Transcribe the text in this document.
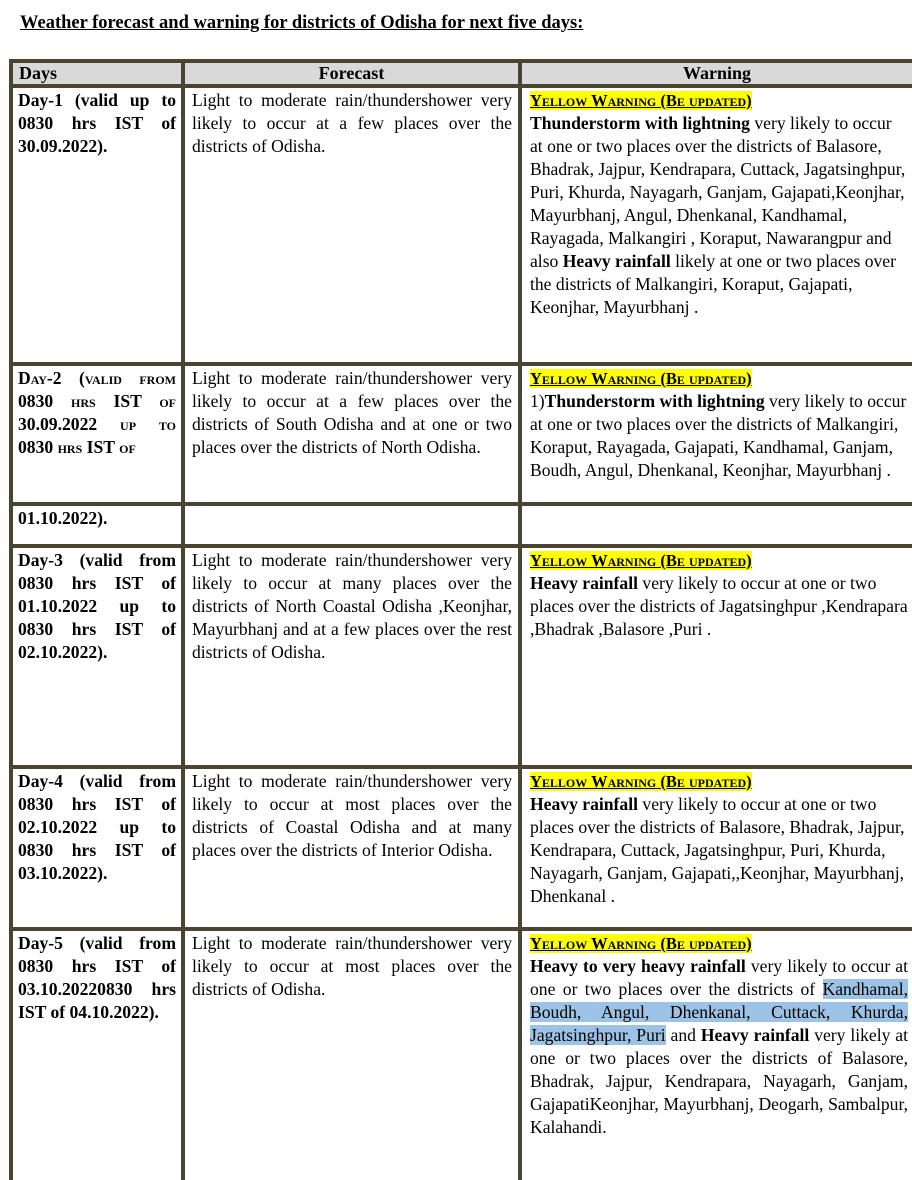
Weather forecast and warning for districts of Odisha for next five days:
Days	Forecast	Warning
Day-1 (valid up to 0830 hrs IST of 30.09.2022).
Light to moderate rain/thundershower very likely to occur at a few places over the districts of Odisha.
Yellow Warning (Be updated)
Thunderstorm with lightning very likely to occur at one or two places over the districts of Balasore, Bhadrak, Jajpur, Kendrapara, Cuttack, Jagatsinghpur, Puri, Khurda, Nayagarh, Ganjam, Gajapati,Keonjhar, Mayurbhanj, Angul, Dhenkanal, Kandhamal, Rayagada, Malkangiri , Koraput, Nawarangpur and also Heavy rainfall likely at one or two places over the districts of Malkangiri, Koraput, Gajapati, Keonjhar, Mayurbhanj .
Day-2 (valid from 0830 hrs IST of 30.09.2022 up to 0830 hrs IST of
01.10.2022).
Light to moderate rain/thundershower very likely to occur at a few places over the districts of South Odisha and at one or two places over the districts of North Odisha.
Yellow Warning (Be updated)
1)Thunderstorm with lightning very likely to occur at one or two places over the districts of Malkangiri, Koraput, Rayagada, Gajapati, Kandhamal, Ganjam, Boudh, Angul, Dhenkanal, Keonjhar, Mayurbhanj .
Day-3 (valid from 0830 hrs IST of 01.10.2022 up to 0830 hrs IST of 02.10.2022).
Light to moderate rain/thundershower very likely to occur at many places over the districts of North Coastal Odisha ,Keonjhar, Mayurbhanj and at a few places over the rest districts of Odisha.
Yellow Warning (Be updated)
Heavy rainfall very likely to occur at one or two places over the districts of Jagatsinghpur ,Kendrapara ,Bhadrak ,Balasore ,Puri .
Day-4 (valid from 0830 hrs IST of 02.10.2022 up to 0830 hrs IST of 03.10.2022).
Light to moderate rain/thundershower very likely to occur at most places over the districts of Coastal Odisha and at many places over the districts of Interior Odisha.
Yellow Warning (Be updated)
Heavy rainfall very likely to occur at one or two places over the districts of Balasore, Bhadrak, Jajpur, Kendrapara, Cuttack, Jagatsinghpur, Puri, Khurda, Nayagarh, Ganjam, Gajapati,,Keonjhar, Mayurbhanj, Dhenkanal .
Day-5 (valid from 0830 hrs IST of 03.10.20220830 hrs IST of 04.10.2022).
Light to moderate rain/thundershower very likely to occur at most places over the districts of Odisha.
Yellow Warning (Be updated)
Heavy to very heavy rainfall very likely to occur at one or two places over the districts of Kandhamal, Boudh, Angul, Dhenkanal, Cuttack, Khurda, Jagatsinghpur, Puri and Heavy rainfall very likely at one or two places over the districts of Balasore, Bhadrak, Jajpur, Kendrapara, Nayagarh, Ganjam, GajapatiKeonjhar, Mayurbhanj, Deogarh, Sambalpur, Kalahandi.
